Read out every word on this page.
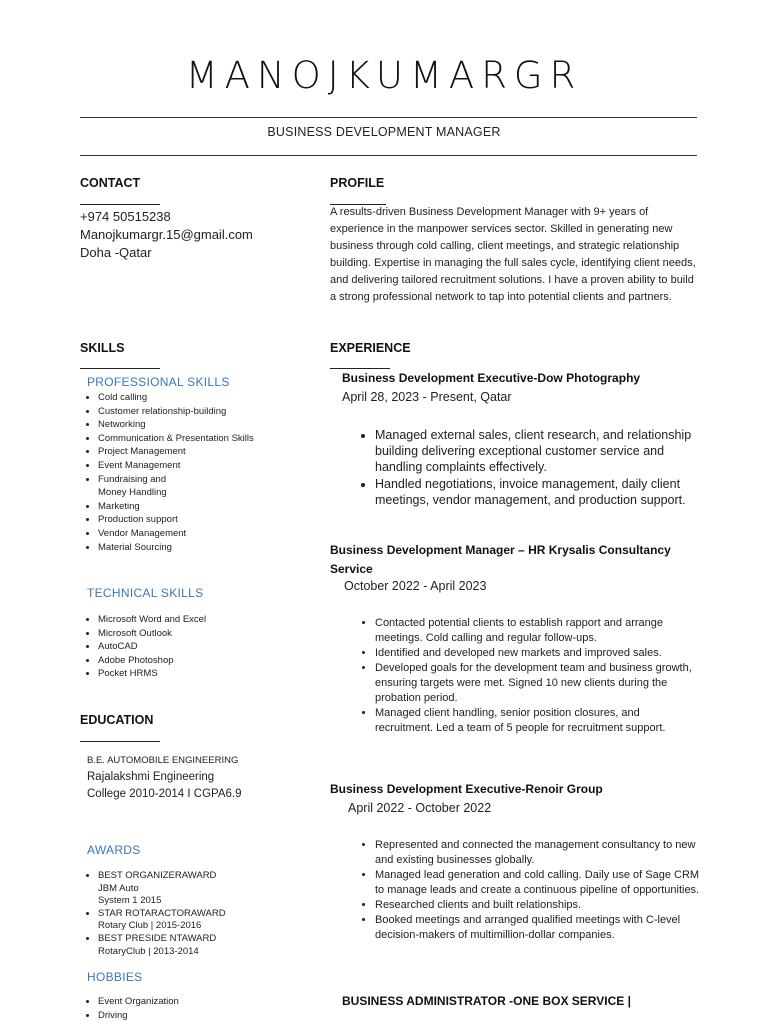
MANOJKUMARGR
BUSINESS DEVELOPMENT MANAGER
CONTACT
+974 50515238
Manojkumargr.15@gmail.com
Doha -Qatar
PROFILE
A results-driven Business Development Manager with 9+ years of experience in the manpower services sector. Skilled in generating new business through cold calling, client meetings, and strategic relationship building. Expertise in managing the full sales cycle, identifying client needs, and delivering tailored recruitment solutions. I have a proven ability to build a strong professional network to tap into potential clients and partners.
SKILLS
PROFESSIONAL SKILLS
• Cold calling
• Customer relationship-building
• Networking
• Communication & Presentation Skills
• Project Management
• Event Management
• Fundraising and Money Handling
• Marketing
• Production support
• Vendor Management
• Material Sourcing
TECHNICAL SKILLS
• Microsoft Word and Excel
• Microsoft Outlook
• AutoCAD
• Adobe Photoshop
• Pocket HRMS
EDUCATION
B.E. AUTOMOBILE ENGINEERING
Rajalakshmi Engineering
College 2010-2014 I CGPA6.9
AWARDS
• BEST ORGANIZERAWARD
JBM Auto
System 1 2015
• STAR ROTARACTORAWARD
Rotary Club | 2015-2016
• BEST PRESIDE NTAWARD
RotaryClub | 2013-2014
HOBBIES
• Event Organization
• Driving
EXPERIENCE
Business Development Executive-Dow Photography
April 28, 2023 - Present, Qatar
• Managed external sales, client research, and relationship building delivering exceptional customer service and handling complaints effectively.
• Handled negotiations, invoice management, daily client meetings, vendor management, and production support.
Business Development Manager – HR Krysalis Consultancy Service
October 2022 - April 2023
• Contacted potential clients to establish rapport and arrange meetings. Cold calling and regular follow-ups.
• Identified and developed new markets and improved sales.
• Developed goals for the development team and business growth, ensuring targets were met. Signed 10 new clients during the probation period.
• Managed client handling, senior position closures, and recruitment. Led a team of 5 people for recruitment support.
Business Development Executive-Renoir Group
April 2022 - October 2022
• Represented and connected the management consultancy to new and existing businesses globally.
• Managed lead generation and cold calling. Daily use of Sage CRM to manage leads and create a continuous pipeline of opportunities.
• Researched clients and built relationships.
• Booked meetings and arranged qualified meetings with C-level decision-makers of multimillion-dollar companies.
BUSINESS ADMINISTRATOR -ONE BOX SERVICE |
